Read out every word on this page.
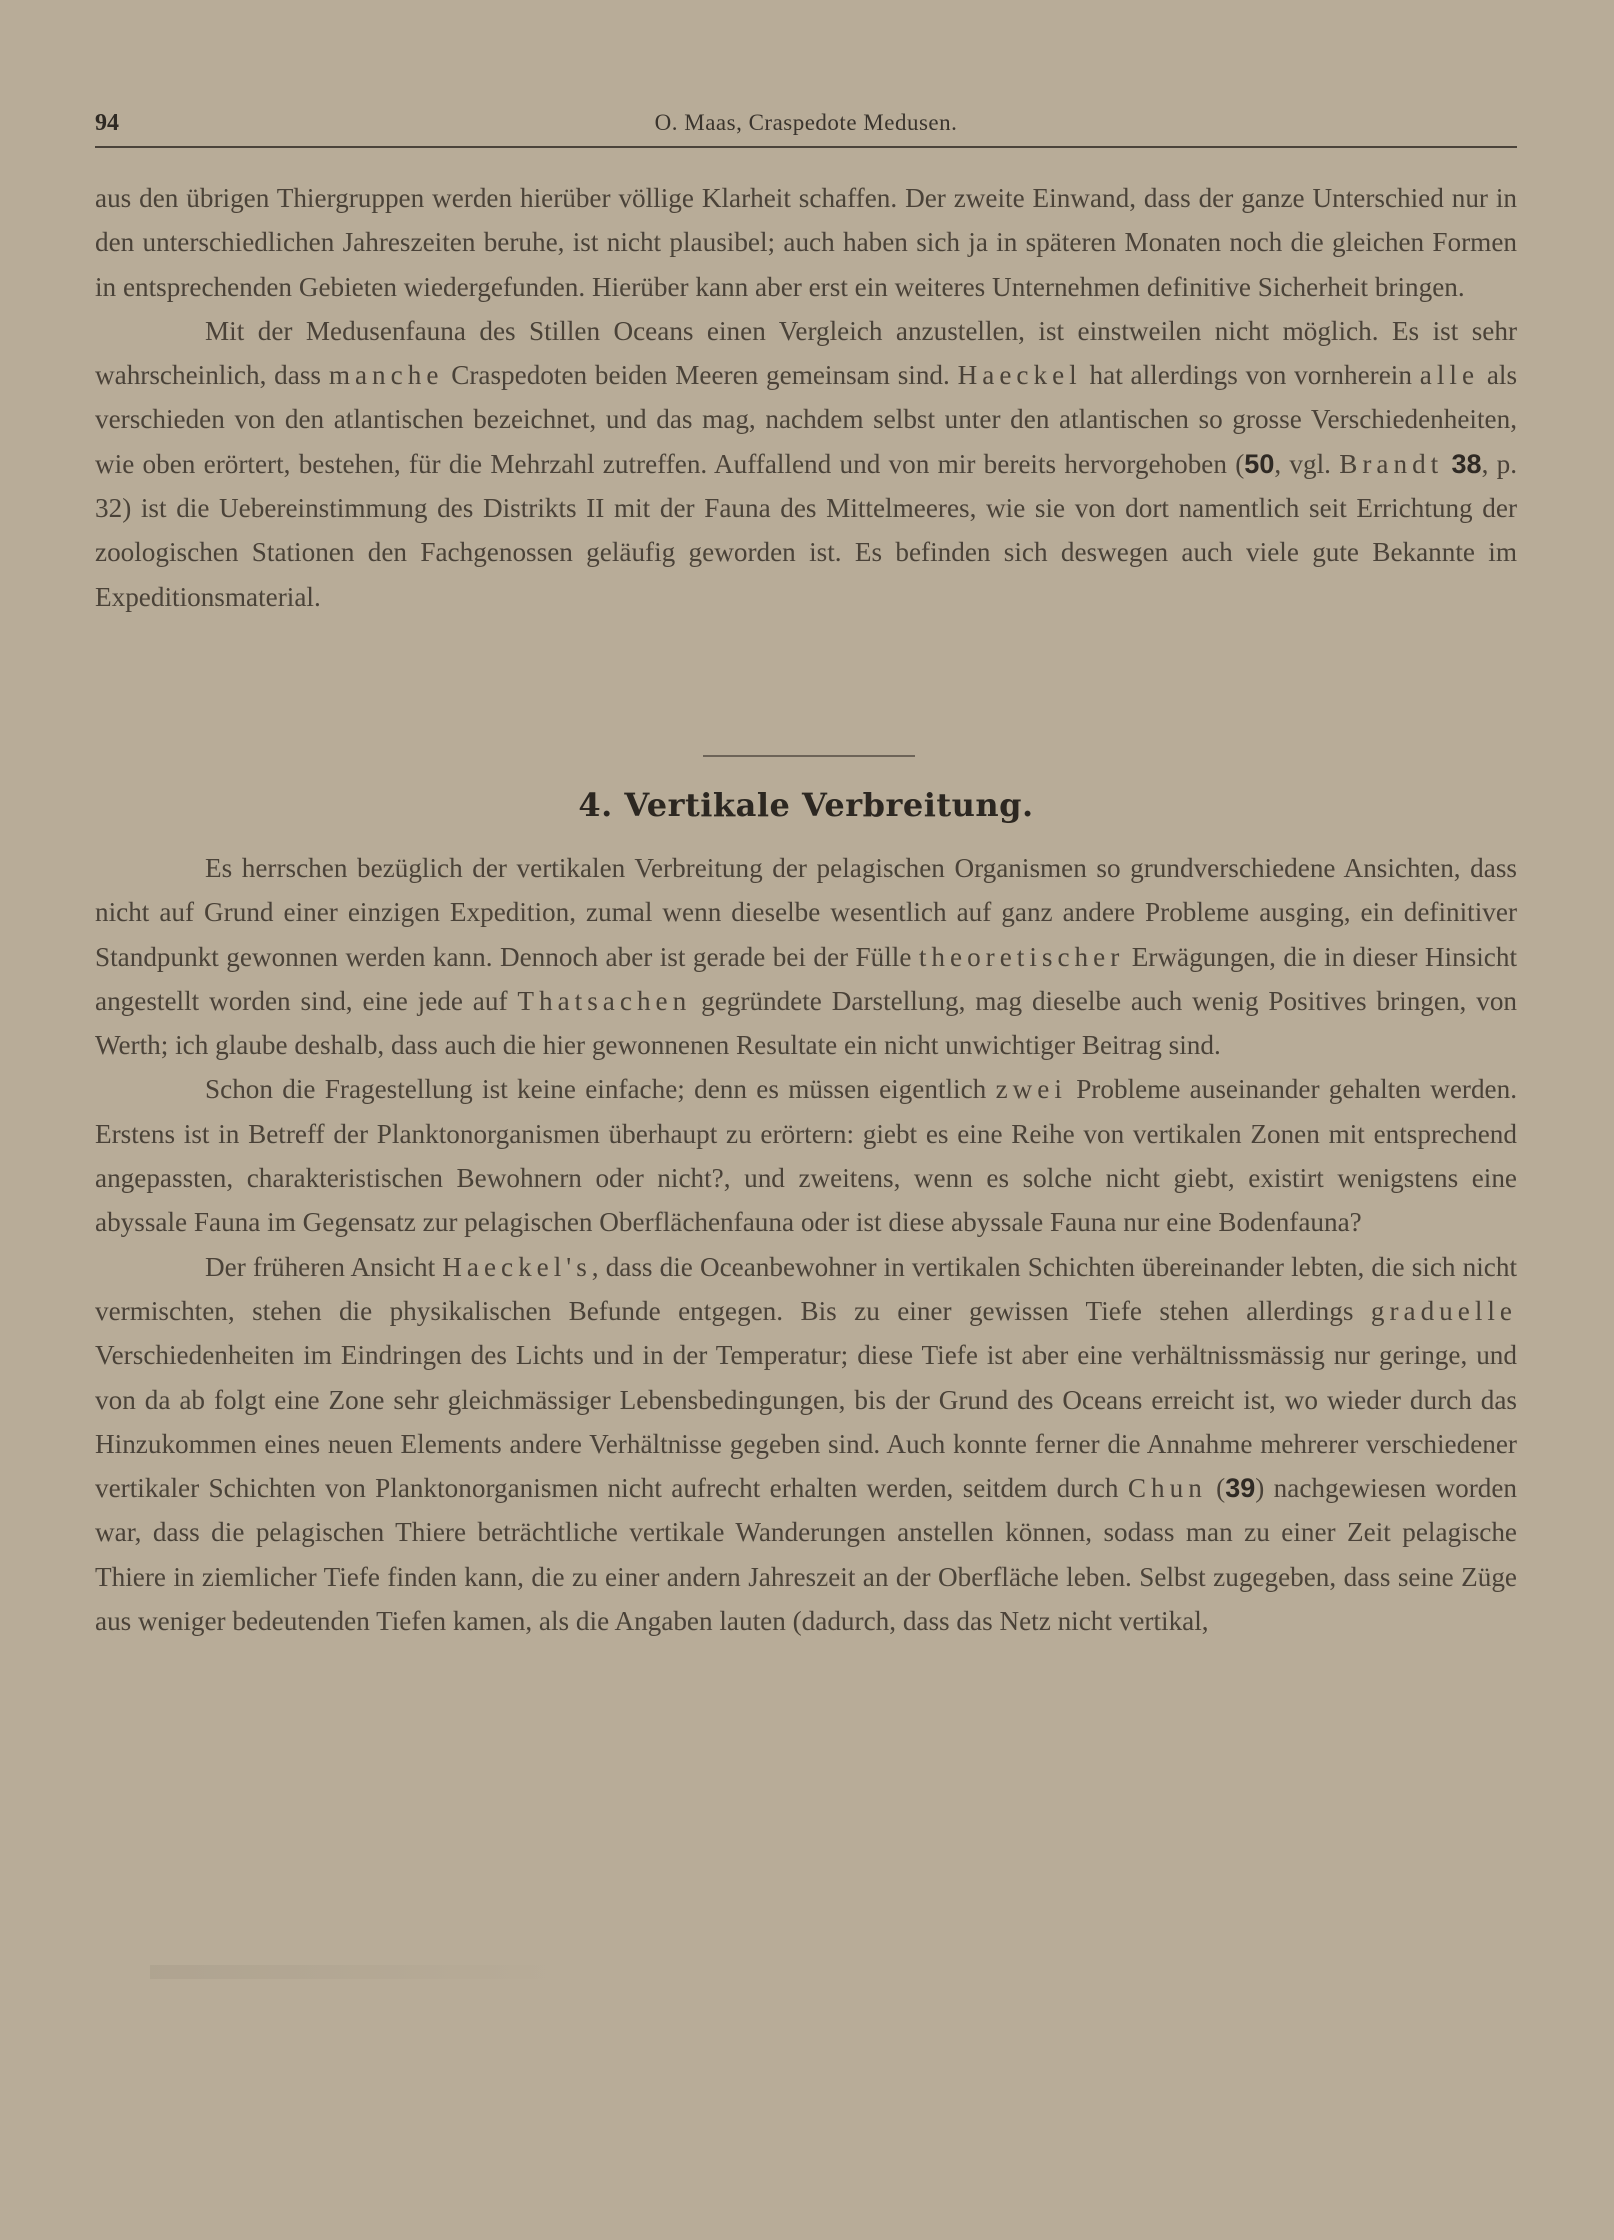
94	O. Maas, Craspedote Medusen.

aus den übrigen Thiergruppen werden hierüber völlige Klarheit schaffen. Der zweite Einwand, dass der ganze Unterschied nur in den unterschiedlichen Jahreszeiten beruhe, ist nicht plausibel; auch haben sich ja in späteren Monaten noch die gleichen Formen in entsprechenden Gebieten wiedergefunden. Hierüber kann aber erst ein weiteres Unternehmen definitive Sicherheit bringen.

Mit der Medusenfauna des Stillen Oceans einen Vergleich anzustellen, ist einstweilen nicht möglich. Es ist sehr wahrscheinlich, dass manche Craspedoten beiden Meeren gemeinsam sind. Haeckel hat allerdings von vornherein alle als verschieden von den atlantischen bezeichnet, und das mag, nachdem selbst unter den atlantischen so grosse Verschiedenheiten, wie oben erörtert, bestehen, für die Mehrzahl zutreffen. Auffallend und von mir bereits hervorgehoben (50, vgl. Brandt 38, p. 32) ist die Uebereinstimmung des Distrikts II mit der Fauna des Mittelmeeres, wie sie von dort namentlich seit Errichtung der zoologischen Stationen den Fachgenossen geläufig geworden ist. Es befinden sich deswegen auch viele gute Bekannte im Expeditionsmaterial.

4. Vertikale Verbreitung.

Es herrschen bezüglich der vertikalen Verbreitung der pelagischen Organismen so grundverschiedene Ansichten, dass nicht auf Grund einer einzigen Expedition, zumal wenn dieselbe wesentlich auf ganz andere Probleme ausging, ein definitiver Standpunkt gewonnen werden kann. Dennoch aber ist gerade bei der Fülle theoretischer Erwägungen, die in dieser Hinsicht angestellt worden sind, eine jede auf Thatsachen gegründete Darstellung, mag dieselbe auch wenig Positives bringen, von Werth; ich glaube deshalb, dass auch die hier gewonnenen Resultate ein nicht unwichtiger Beitrag sind.

Schon die Fragestellung ist keine einfache; denn es müssen eigentlich zwei Probleme auseinander gehalten werden. Erstens ist in Betreff der Planktonorganismen überhaupt zu erörtern: giebt es eine Reihe von vertikalen Zonen mit entsprechend angepassten, charakteristischen Bewohnern oder nicht?, und zweitens, wenn es solche nicht giebt, existirt wenigstens eine abyssale Fauna im Gegensatz zur pelagischen Oberflächenfauna oder ist diese abyssale Fauna nur eine Bodenfauna?

Der früheren Ansicht Haeckel's, dass die Oceanbewohner in vertikalen Schichten übereinander lebten, die sich nicht vermischten, stehen die physikalischen Befunde entgegen. Bis zu einer gewissen Tiefe stehen allerdings graduelle Verschiedenheiten im Eindringen des Lichts und in der Temperatur; diese Tiefe ist aber eine verhältnissmässig nur geringe, und von da ab folgt eine Zone sehr gleichmässiger Lebensbedingungen, bis der Grund des Oceans erreicht ist, wo wieder durch das Hinzukommen eines neuen Elements andere Verhältnisse gegeben sind. Auch konnte ferner die Annahme mehrerer verschiedener vertikaler Schichten von Planktonorganismen nicht aufrecht erhalten werden, seitdem durch Chun (39) nachgewiesen worden war, dass die pelagischen Thiere beträchtliche vertikale Wanderungen anstellen können, sodass man zu einer Zeit pelagische Thiere in ziemlicher Tiefe finden kann, die zu einer andern Jahreszeit an der Oberfläche leben. Selbst zugegeben, dass seine Züge aus weniger bedeutenden Tiefen kamen, als die Angaben lauten (dadurch, dass das Netz nicht vertikal,
